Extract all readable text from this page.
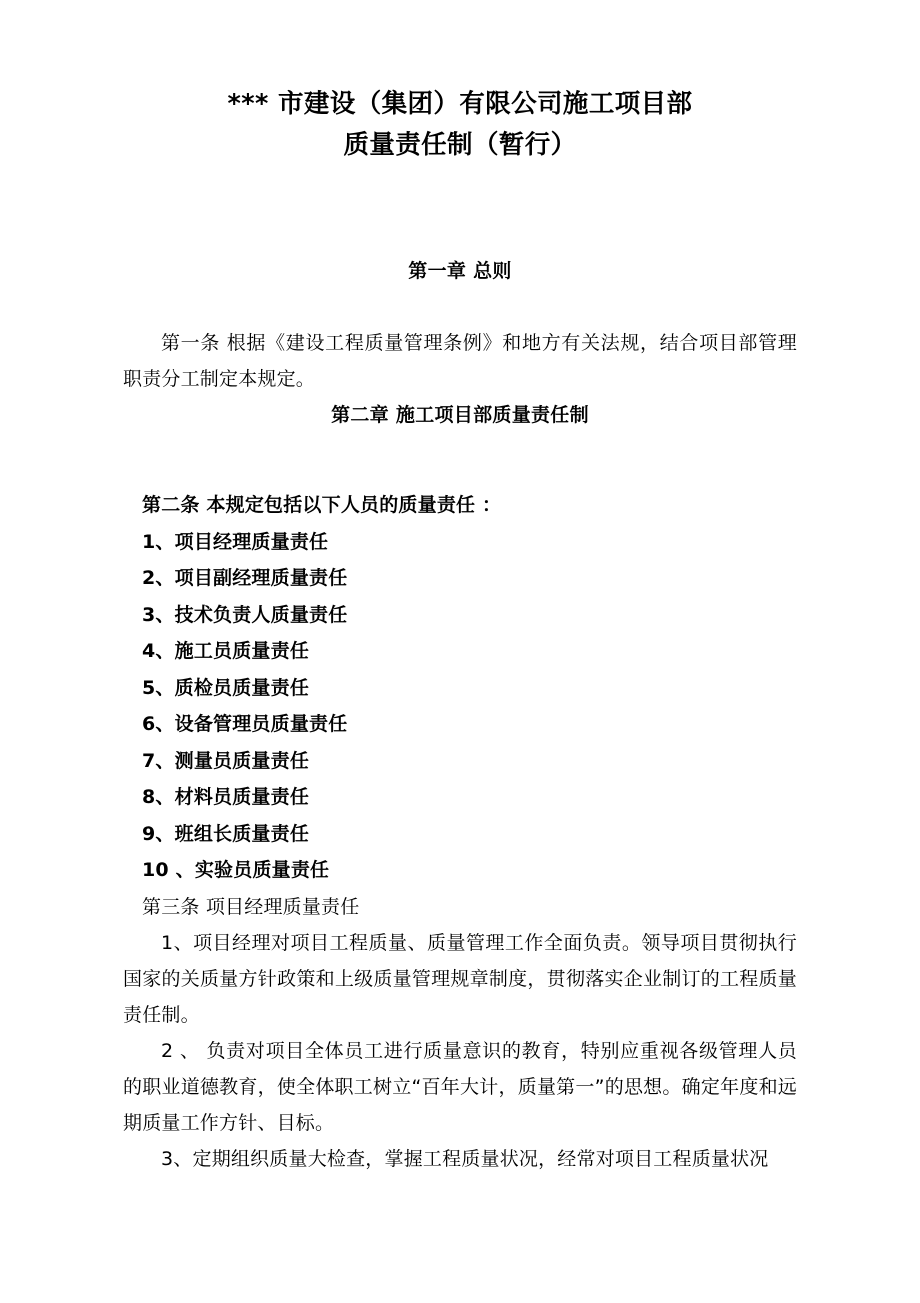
*** 市建设（集团）有限公司施工项目部
质量责任制（暂行）
第一章 总则
第一条 根据《建设工程质量管理条例》和地方有关法规，结合项目部管理职责分工制定本规定。
第二章 施工项目部质量责任制
第二条 本规定包括以下人员的质量责任 ：
1、项目经理质量责任
2、项目副经理质量责任
3、技术负责人质量责任
4、施工员质量责任
5、质检员质量责任
6、设备管理员质量责任
7、测量员质量责任
8、材料员质量责任
9、班组长质量责任
10 、实验员质量责任
第三条 项目经理质量责任
1、项目经理对项目工程质量、质量管理工作全面负责。领导项目贯彻执行国家的关质量方针政策和上级质量管理规章制度，贯彻落实企业制订的工程质量责任制。
2 、 负责对项目全体员工进行质量意识的教育，特别应重视各级管理人员的职业道德教育，使全体职工树立“百年大计，质量第一”的思想。确定年度和远期质量工作方针、目标。
3、定期组织质量大检查，掌握工程质量状况，经常对项目工程质量状况
